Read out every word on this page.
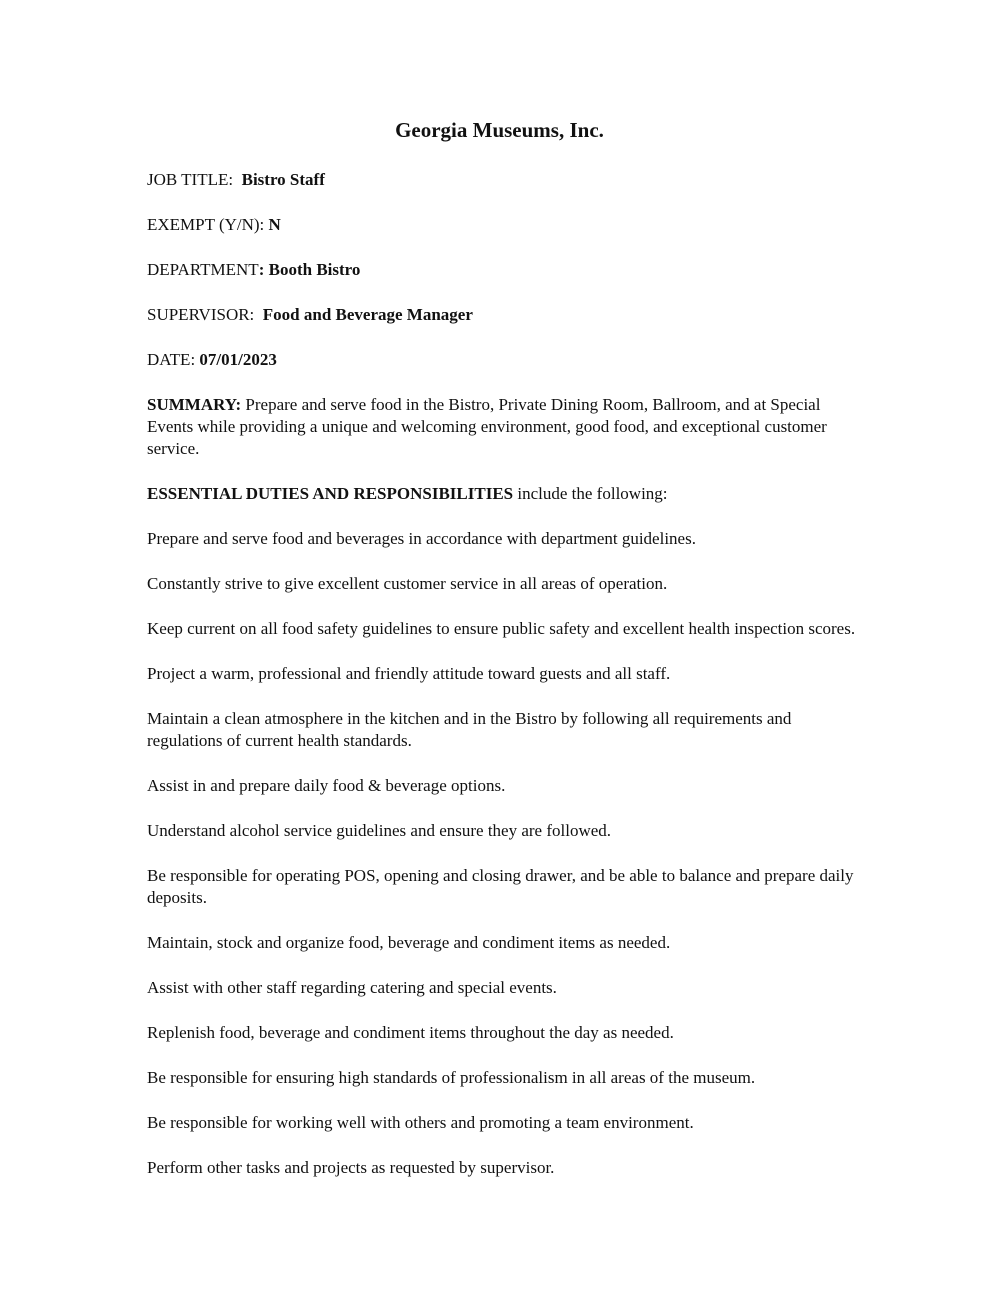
Georgia Museums, Inc.

JOB TITLE: Bistro Staff

EXEMPT (Y/N): N

DEPARTMENT: Booth Bistro

SUPERVISOR: Food and Beverage Manager

DATE: 07/01/2023

SUMMARY: Prepare and serve food in the Bistro, Private Dining Room, Ballroom, and at Special Events while providing a unique and welcoming environment, good food, and exceptional customer service.

ESSENTIAL DUTIES AND RESPONSIBILITIES include the following:

Prepare and serve food and beverages in accordance with department guidelines.

Constantly strive to give excellent customer service in all areas of operation.

Keep current on all food safety guidelines to ensure public safety and excellent health inspection scores.

Project a warm, professional and friendly attitude toward guests and all staff.

Maintain a clean atmosphere in the kitchen and in the Bistro by following all requirements and regulations of current health standards.

Assist in and prepare daily food & beverage options.

Understand alcohol service guidelines and ensure they are followed.

Be responsible for operating POS, opening and closing drawer, and be able to balance and prepare daily deposits.

Maintain, stock and organize food, beverage and condiment items as needed.

Assist with other staff regarding catering and special events.

Replenish food, beverage and condiment items throughout the day as needed.

Be responsible for ensuring high standards of professionalism in all areas of the museum.

Be responsible for working well with others and promoting a team environment.

Perform other tasks and projects as requested by supervisor.
